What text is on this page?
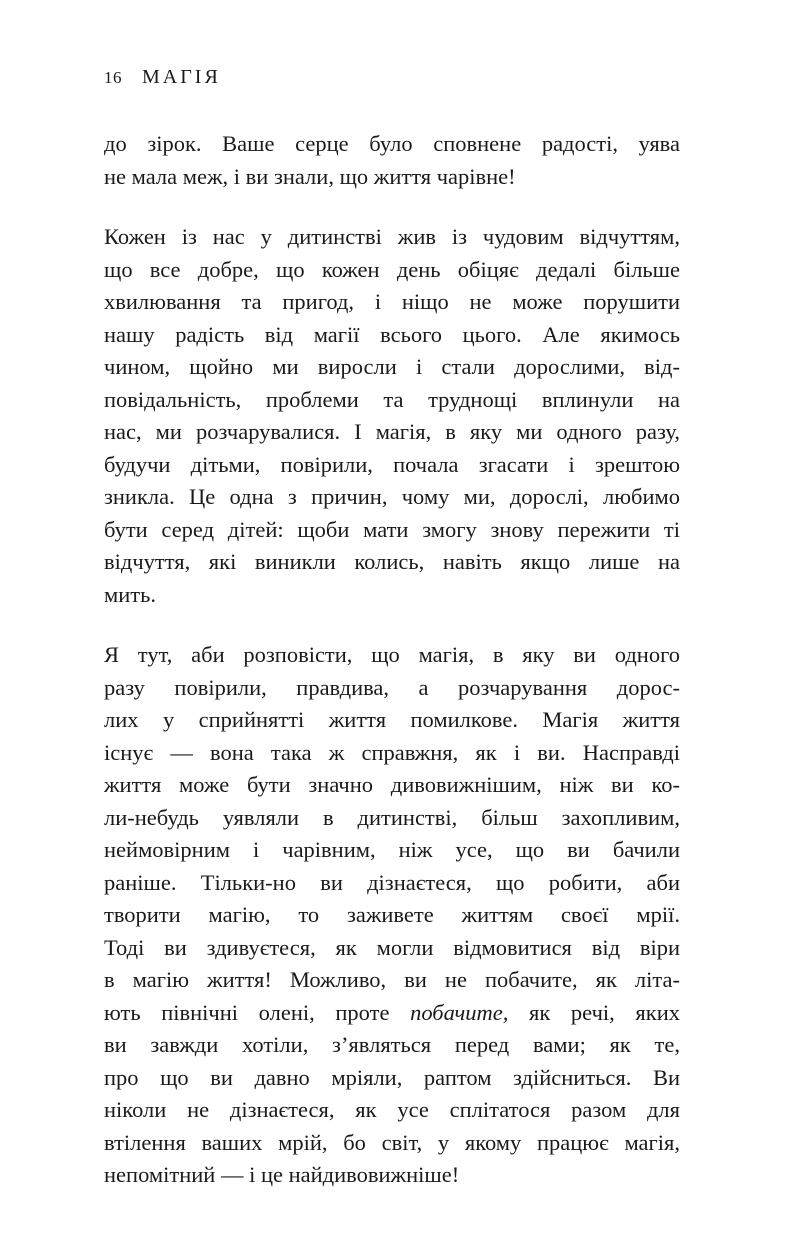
16 МАГІЯ

до зірок. Ваше серце було сповнене радості, уява
не мала меж, і ви знали, що життя чарівне!

Кожен із нас у дитинстві жив із чудовим відчуттям,
що все добре, що кожен день обіцяє дедалі більше
хвилювання та пригод, і ніщо не може порушити
нашу радість від магії всього цього. Але якимось
чином, щойно ми виросли і стали дорослими, від-
повідальність, проблеми та труднощі вплинули на
нас, ми розчарувалися. І магія, в яку ми одного разу,
будучи дітьми, повірили, почала згасати і зрештою
зникла. Це одна з причин, чому ми, дорослі, любимо
бути серед дітей: щоби мати змогу знову пережити ті
відчуття, які виникли колись, навіть якщо лише на
мить.

Я тут, аби розповісти, що магія, в яку ви одного
разу повірили, правдива, а розчарування дорос-
лих у сприйнятті життя помилкове. Магія життя
існує — вона така ж справжня, як і ви. Насправді
життя може бути значно дивовижнішим, ніж ви ко-
ли-небудь уявляли в дитинстві, більш захопливим,
неймовірним і чарівним, ніж усе, що ви бачили
раніше. Тільки-но ви дізнаєтеся, що робити, аби
творити магію, то заживете життям своєї мрії.
Тоді ви здивуєтеся, як могли відмовитися від віри
в магію життя! Можливо, ви не побачите, як літа-
ють північні олені, проте побачите, як речі, яких
ви завжди хотіли, з’являться перед вами; як те,
про що ви давно мріяли, раптом здійсниться. Ви
ніколи не дізнаєтеся, як усе сплітатося разом для
втілення ваших мрій, бо світ, у якому працює магія,
непомітний — і це найдивовижніше!
